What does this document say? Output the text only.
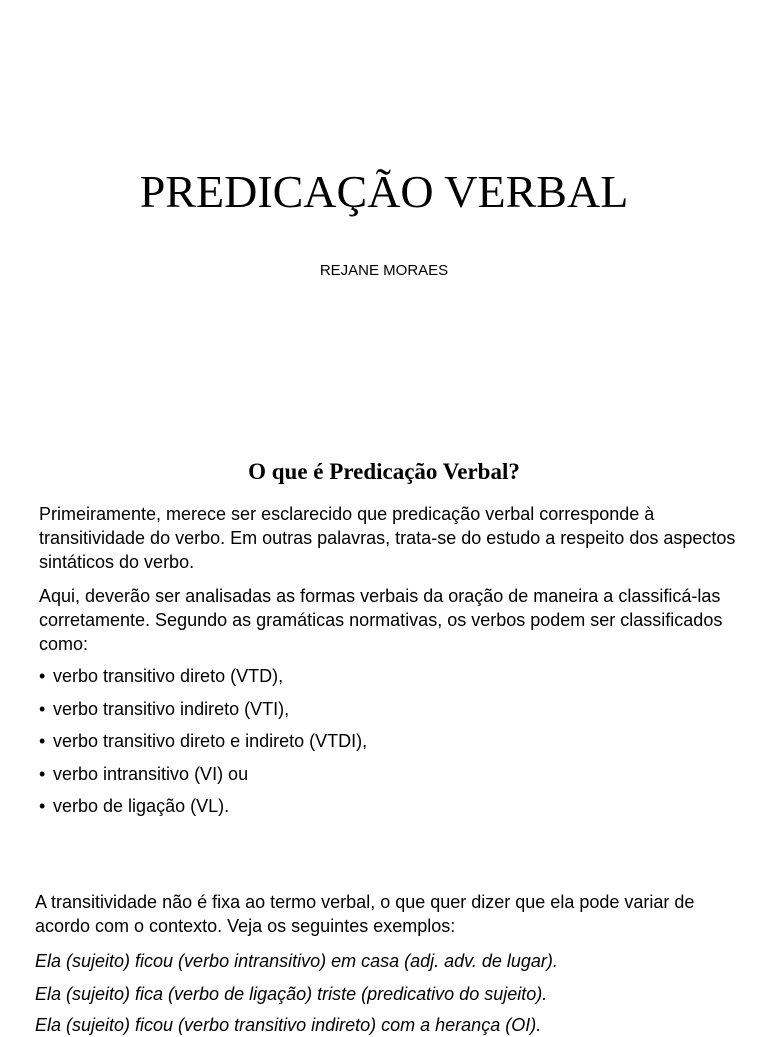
PREDICAÇÃO VERBAL
REJANE MORAES
O que é Predicação Verbal?

Primeiramente, merece ser esclarecido que predicação verbal corresponde à transitividade do verbo. Em outras palavras, trata-se do estudo a respeito dos aspectos sintáticos do verbo.

Aqui, deverão ser analisadas as formas verbais da oração de maneira a classificá-las corretamente. Segundo as gramáticas normativas, os verbos podem ser classificados como:

• verbo transitivo direto (VTD),
• verbo transitivo indireto (VTI),
• verbo transitivo direto e indireto (VTDI),
• verbo intransitivo (VI) ou
• verbo de ligação (VL).

A transitividade não é fixa ao termo verbal, o que quer dizer que ela pode variar de acordo com o contexto. Veja os seguintes exemplos:

Ela (sujeito) ficou (verbo intransitivo) em casa (adj. adv. de lugar).

Ela (sujeito) fica (verbo de ligação) triste (predicativo do sujeito).

Ela (sujeito) ficou (verbo transitivo indireto) com a herança (OI).
